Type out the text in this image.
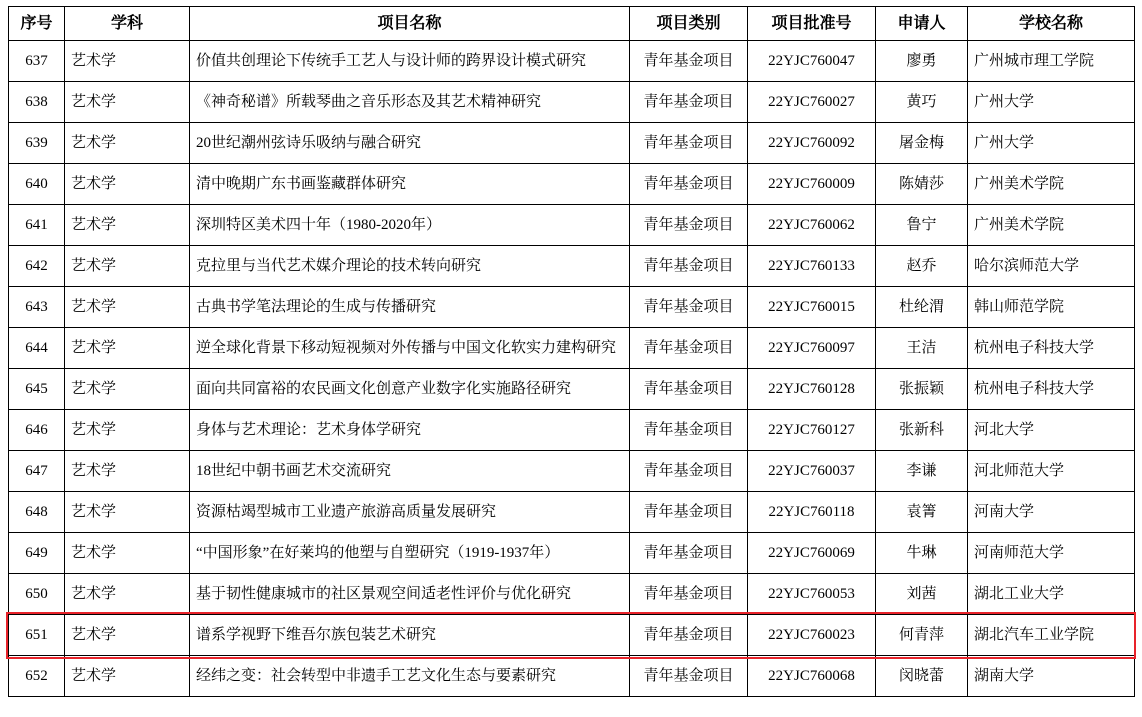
序号	学科	项目名称	项目类别	项目批准号	申请人	学校名称
637	艺术学	价值共创理论下传统手工艺人与设计师的跨界设计模式研究	青年基金项目	22YJC760047	廖勇	广州城市理工学院
638	艺术学	《神奇秘谱》所载琴曲之音乐形态及其艺术精神研究	青年基金项目	22YJC760027	黄巧	广州大学
639	艺术学	20世纪潮州弦诗乐吸纳与融合研究	青年基金项目	22YJC760092	屠金梅	广州大学
640	艺术学	清中晚期广东书画鉴藏群体研究	青年基金项目	22YJC760009	陈婧莎	广州美术学院
641	艺术学	深圳特区美术四十年（1980-2020年）	青年基金项目	22YJC760062	鲁宁	广州美术学院
642	艺术学	克拉里与当代艺术媒介理论的技术转向研究	青年基金项目	22YJC760133	赵乔	哈尔滨师范大学
643	艺术学	古典书学笔法理论的生成与传播研究	青年基金项目	22YJC760015	杜纶渭	韩山师范学院
644	艺术学	逆全球化背景下移动短视频对外传播与中国文化软实力建构研究	青年基金项目	22YJC760097	王洁	杭州电子科技大学
645	艺术学	面向共同富裕的农民画文化创意产业数字化实施路径研究	青年基金项目	22YJC760128	张振颖	杭州电子科技大学
646	艺术学	身体与艺术理论：艺术身体学研究	青年基金项目	22YJC760127	张新科	河北大学
647	艺术学	18世纪中朝书画艺术交流研究	青年基金项目	22YJC760037	李谦	河北师范大学
648	艺术学	资源枯竭型城市工业遗产旅游高质量发展研究	青年基金项目	22YJC760118	袁箐	河南大学
649	艺术学	“中国形象”在好莱坞的他塑与自塑研究（1919-1937年）	青年基金项目	22YJC760069	牛琳	河南师范大学
650	艺术学	基于韧性健康城市的社区景观空间适老性评价与优化研究	青年基金项目	22YJC760053	刘茜	湖北工业大学
651	艺术学	谱系学视野下维吾尔族包装艺术研究	青年基金项目	22YJC760023	何青萍	湖北汽车工业学院
652	艺术学	经纬之变：社会转型中非遗手工艺文化生态与要素研究	青年基金项目	22YJC760068	闵晓蕾	湖南大学
